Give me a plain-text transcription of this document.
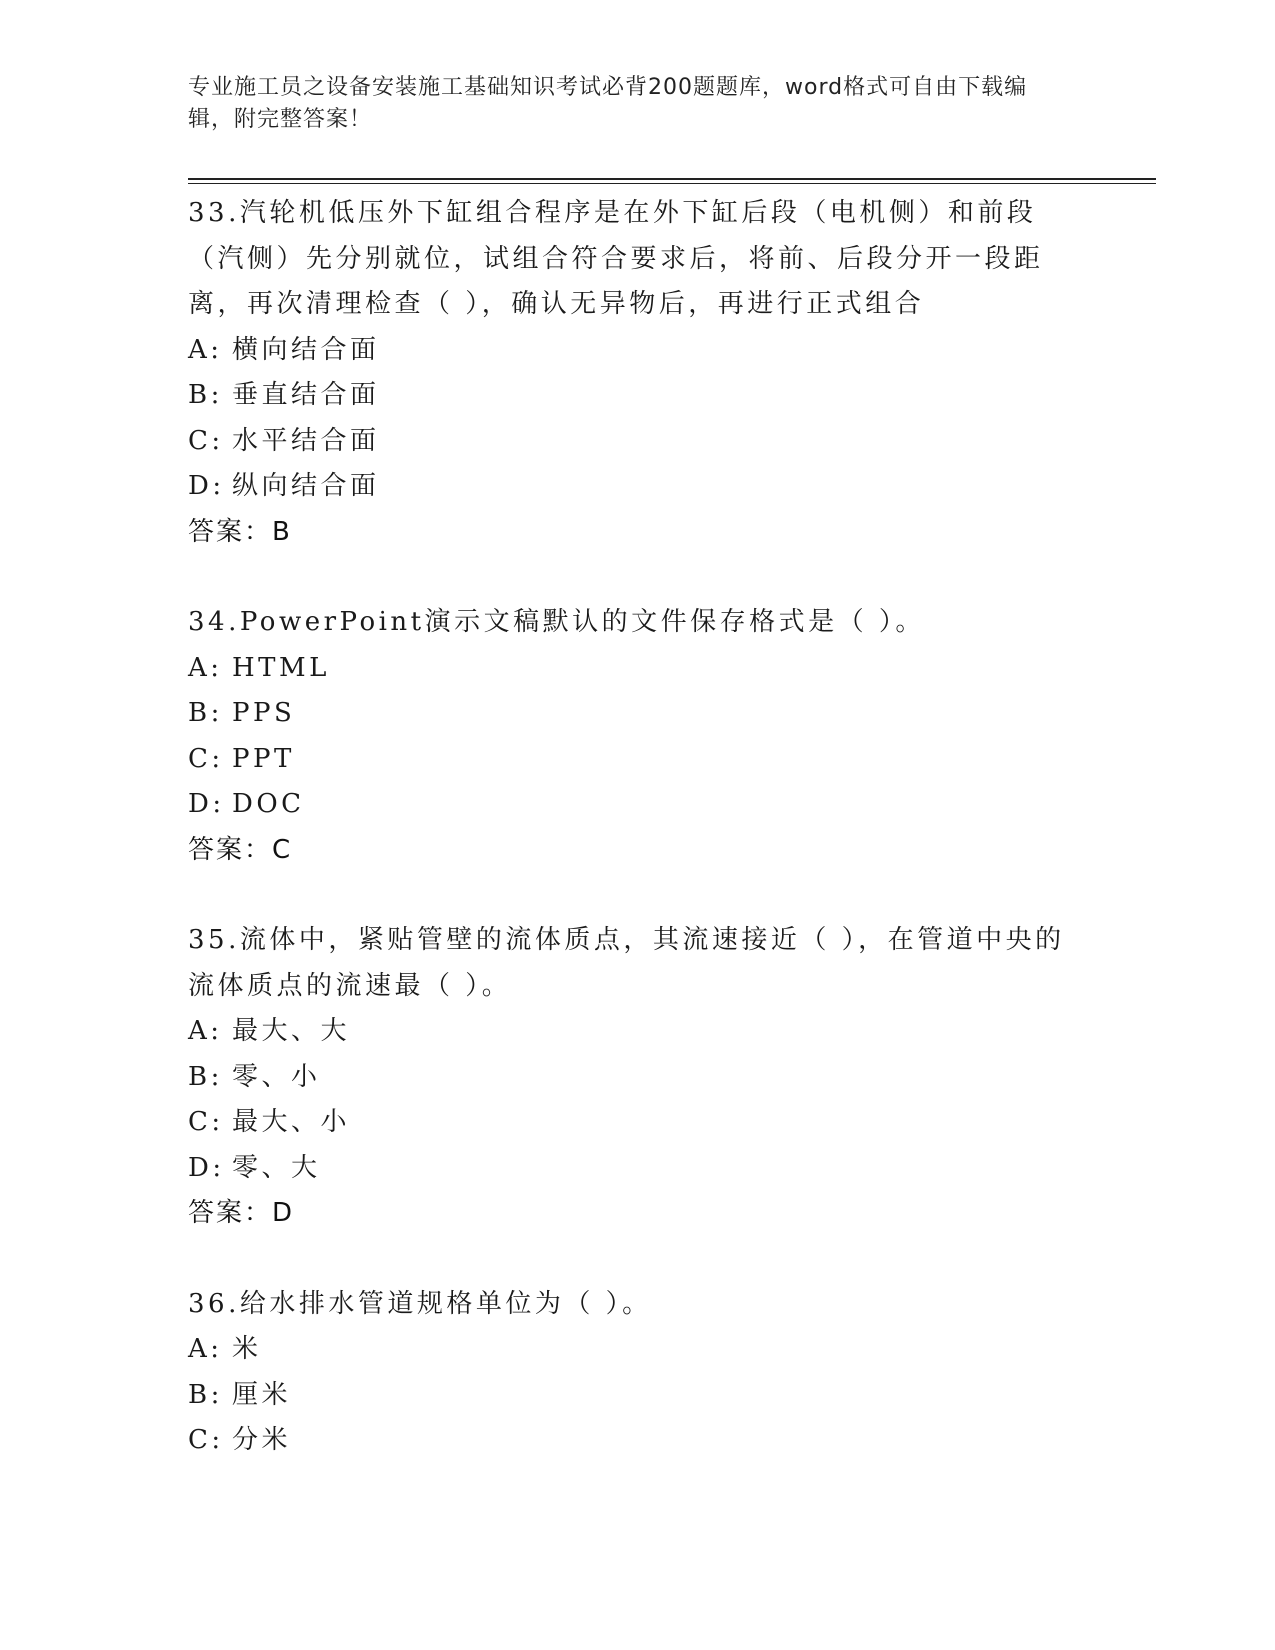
专业施工员之设备安装施工基础知识考试必背200题题库，word格式可自由下载编辑，附完整答案！
33.汽轮机低压外下缸组合程序是在外下缸后段（电机侧）和前段（汽侧）先分别就位，试组合符合要求后，将前、后段分开一段距离，再次清理检查（ ），确认无异物后，再进行正式组合
A: 横向结合面
B: 垂直结合面
C: 水平结合面
D: 纵向结合面
答案：B
34.PowerPoint演示文稿默认的文件保存格式是（ ）。
A: HTML
B: PPS
C: PPT
D: DOC
答案：C
35.流体中，紧贴管壁的流体质点，其流速接近（ ），在管道中央的流体质点的流速最（ ）。
A: 最大、大
B: 零、小
C: 最大、小
D: 零、大
答案：D
36.给水排水管道规格单位为（ ）。
A: 米
B: 厘米
C: 分米
